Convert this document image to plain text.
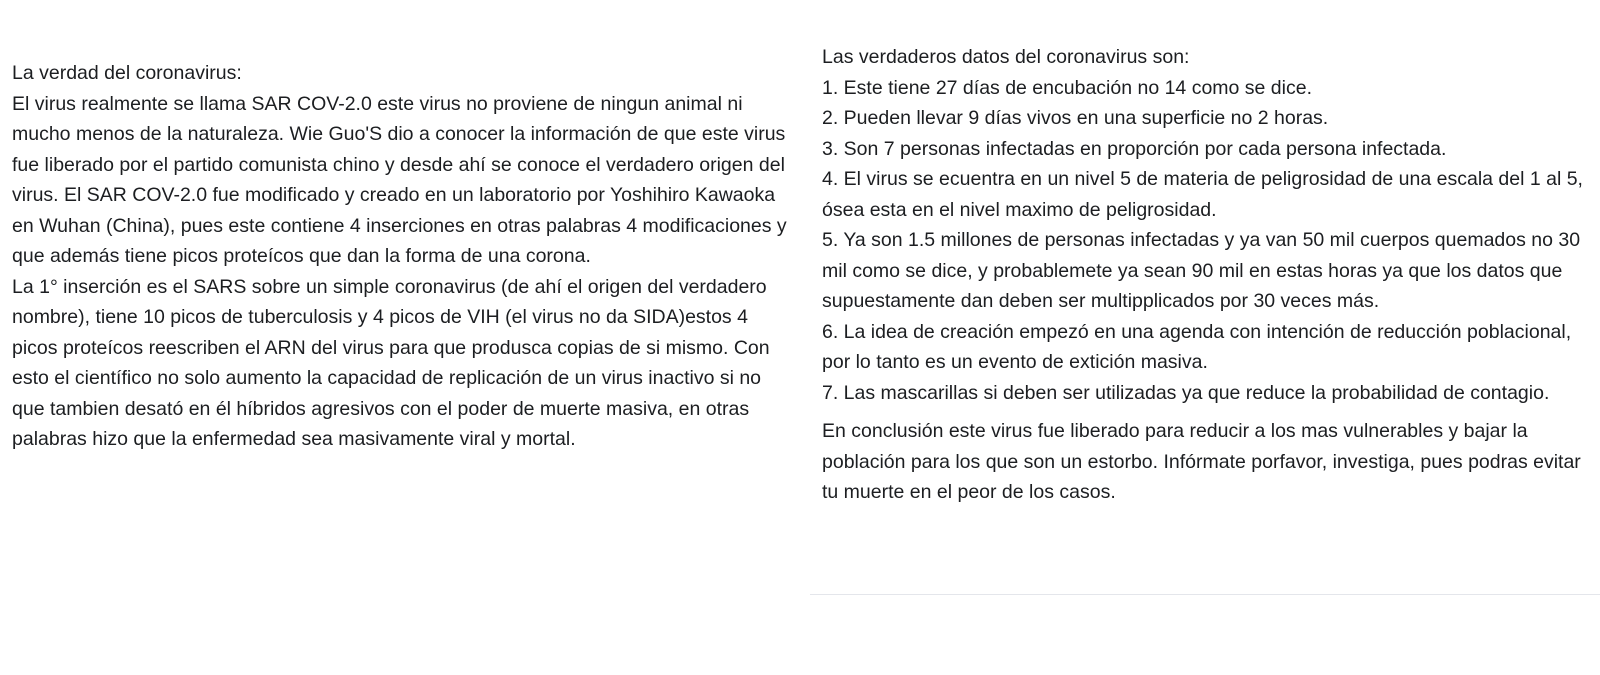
La verdad del coronavirus:

El virus realmente se llama SAR COV-2.0 este virus no proviene de ningun animal ni mucho menos de la naturaleza. Wie Guo'S dio a conocer la información de que este virus fue liberado por el partido comunista chino y desde ahí se conoce el verdadero origen del virus. El SAR COV-2.0 fue modificado y creado en un laboratorio por Yoshihiro Kawaoka en Wuhan (China), pues este contiene 4 inserciones en otras palabras 4 modificaciones y que además tiene picos proteícos que dan la forma de una corona.

La 1° inserción es el SARS sobre un simple coronavirus (de ahí el origen del verdadero nombre), tiene 10 picos de tuberculosis y 4 picos de VIH (el virus no da SIDA)estos 4 picos proteícos reescriben el ARN del virus para que produsca copias de si mismo. Con esto el científico no solo aumento la capacidad de replicación de un virus inactivo si no que tambien desató en él híbridos agresivos con el poder de muerte masiva, en otras palabras hizo que la enfermedad sea masivamente viral y mortal.

Las verdaderos datos del coronavirus son:

1. Este tiene 27 días de encubación no 14 como se dice.

2. Pueden llevar 9 días vivos en una superficie no 2 horas.

3. Son 7 personas infectadas en proporción por cada persona infectada.

4. El virus se ecuentra en un nivel 5 de materia de peligrosidad de una escala del 1 al 5, ósea esta en el nivel maximo de peligrosidad.

5. Ya son 1.5 millones de personas infectadas y ya van 50 mil cuerpos quemados no 30 mil como se dice, y probablemete ya sean 90 mil en estas horas ya que los datos que supuestamente dan deben ser multipplicados por 30 veces más.

6. La idea de creación empezó en una agenda con intención de reducción poblacional, por lo tanto es un evento de extición masiva.

7. Las mascarillas si deben ser utilizadas ya que reduce la probabilidad de contagio.

En conclusión este virus fue liberado para reducir a los mas vulnerables y bajar la población para los que son un estorbo. Infórmate porfavor, investiga, pues podras evitar tu muerte en el peor de los casos.
